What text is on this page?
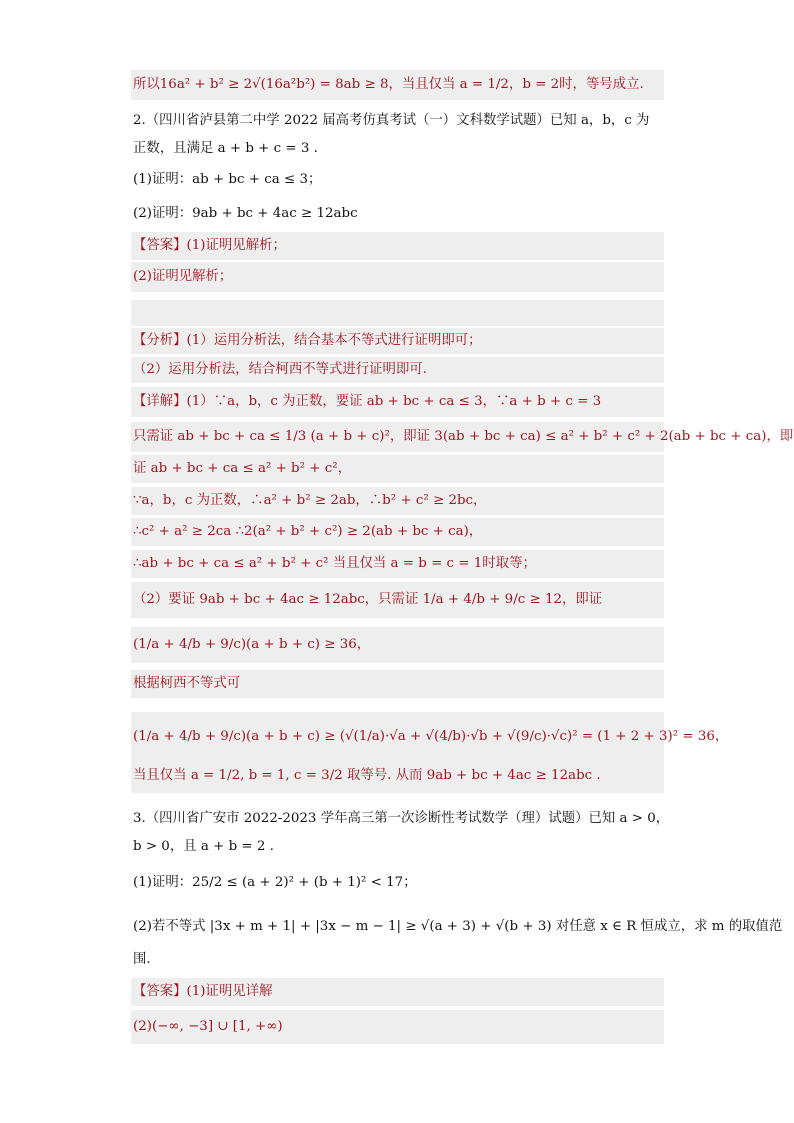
所以16a² + b² ≥ 2√(16a²b²) = 8ab ≥ 8，当且仅当 a = 1/2，b = 2时，等号成立.
2.（四川省泸县第二中学 2022 届高考仿真考试（一）文科数学试题）已知 a，b，c 为
正数，且满足 a + b + c = 3 .
(1)证明：ab + bc + ca ≤ 3；
(2)证明：9ab + bc + 4ac ≥ 12abc
【答案】(1)证明见解析；
(2)证明见解析；
【分析】(1）运用分析法，结合基本不等式进行证明即可；
（2）运用分析法，结合柯西不等式进行证明即可.
【详解】(1）∵a，b，c 为正数，要证 ab + bc + ca ≤ 3，∵a + b + c = 3
只需证 ab + bc + ca ≤ 1/3 (a + b + c)²，即证 3(ab + bc + ca) ≤ a² + b² + c² + 2(ab + bc + ca)，即
证 ab + bc + ca ≤ a² + b² + c²，
∵a，b，c 为正数，∴a² + b² ≥ 2ab，∴b² + c² ≥ 2bc，
∴c² + a² ≥ 2ca ∴2(a² + b² + c²) ≥ 2(ab + bc + ca)，
∴ab + bc + ca ≤ a² + b² + c² 当且仅当 a = b = c = 1时取等；
（2）要证 9ab + bc + 4ac ≥ 12abc，只需证 1/a + 4/b + 9/c ≥ 12，即证
(1/a + 4/b + 9/c)(a + b + c) ≥ 36，
根据柯西不等式可
(1/a + 4/b + 9/c)(a + b + c) ≥ (√(1/a)·√a + √(4/b)·√b + √(9/c)·√c)² = (1 + 2 + 3)² = 36，
当且仅当 a = 1/2, b = 1, c = 3/2 取等号. 从而 9ab + bc + 4ac ≥ 12abc .
3.（四川省广安市 2022-2023 学年高三第一次诊断性考试数学（理）试题）已知 a > 0，
b > 0，且 a + b = 2 .
(1)证明：25/2 ≤ (a + 2)² + (b + 1)² < 17；
(2)若不等式 |3x + m + 1| + |3x − m − 1| ≥ √(a + 3) + √(b + 3) 对任意 x ∈ R 恒成立，求 m 的取值范
围.
【答案】(1)证明见详解
(2)(−∞, −3] ∪ [1, +∞)
